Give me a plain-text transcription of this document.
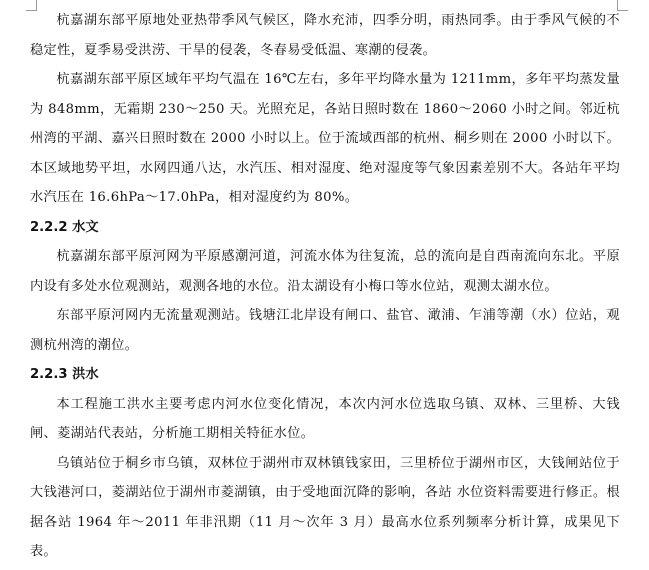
杭嘉湖东部平原地处亚热带季风气候区，降水充沛，四季分明，雨热同季。由于季风气候的不稳定性，夏季易受洪涝、干旱的侵袭，冬春易受低温、寒潮的侵袭。

杭嘉湖东部平原区域年平均气温在 16℃左右，多年平均降水量为 1211mm，多年平均蒸发量为 848mm，无霜期 230～250 天。光照充足，各站日照时数在 1860～2060 小时之间。邻近杭州湾的平湖、嘉兴日照时数在 2000 小时以上。位于流域西部的杭州、桐乡则在 2000 小时以下。本区域地势平坦，水网四通八达，水汽压、相对湿度、绝对湿度等气象因素差别不大。各站年平均水汽压在 16.6hPa～17.0hPa，相对湿度约为 80%。

2.2.2 水文

杭嘉湖东部平原河网为平原感潮河道，河流水体为往复流，总的流向是自西南流向东北。平原内设有多处水位观测站，观测各地的水位。沿太湖设有小梅口等水位站，观测太湖水位。

东部平原河网内无流量观测站。钱塘江北岸设有闸口、盐官、澉浦、乍浦等潮（水）位站，观测杭州湾的潮位。

2.2.3 洪水

本工程施工洪水主要考虑内河水位变化情况，本次内河水位选取乌镇、双林、三里桥、大钱闸、菱湖站代表站，分析施工期相关特征水位。

乌镇站位于桐乡市乌镇，双林位于湖州市双林镇钱家田，三里桥位于湖州市区，大钱闸站位于大钱港河口，菱湖站位于湖州市菱湖镇，由于受地面沉降的影响，各站 水位资料需要进行修正。根据各站 1964 年～2011 年非汛期（11 月～次年 3 月）最高水位系列频率分析计算，成果见下表。
